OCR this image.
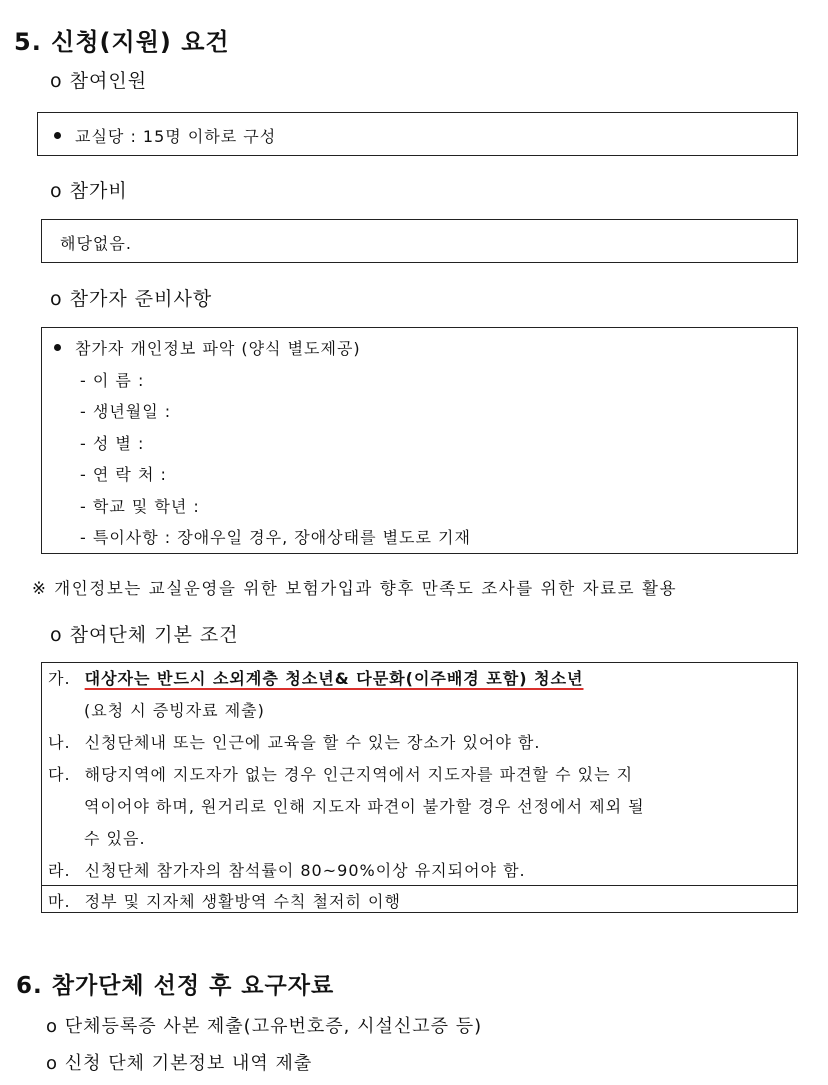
5. 신청(지원) 요건
o 참여인원
교실당 : 15명 이하로 구성
o 참가비
해당없음.
o 참가자 준비사항
참가자 개인정보 파악 (양식 별도제공)
- 이 름 :
- 생년월일 :
- 성 별 :
- 연 락 처 :
- 학교 및 학년 :
- 특이사항 : 장애우일 경우, 장애상태를 별도로 기재
※ 개인정보는 교실운영을 위한 보험가입과 향후 만족도 조사를 위한 자료로 활용
o 참여단체 기본 조건
가. 대상자는 반드시 소외계층 청소년& 다문화(이주배경 포함) 청소년
(요청 시 증빙자료 제출)
나. 신청단체내 또는 인근에 교육을 할 수 있는 장소가 있어야 함.
다. 해당지역에 지도자가 없는 경우 인근지역에서 지도자를 파견할 수 있는 지
역이어야 하며, 원거리로 인해 지도자 파견이 불가할 경우 선정에서 제외 될
수 있음.
라. 신청단체 참가자의 참석률이 80~90%이상 유지되어야 함.
마. 정부 및 지자체 생활방역 수칙 철저히 이행
6. 참가단체 선정 후 요구자료
o 단체등록증 사본 제출(고유번호증, 시설신고증 등)
o 신청 단체 기본정보 내역 제출
